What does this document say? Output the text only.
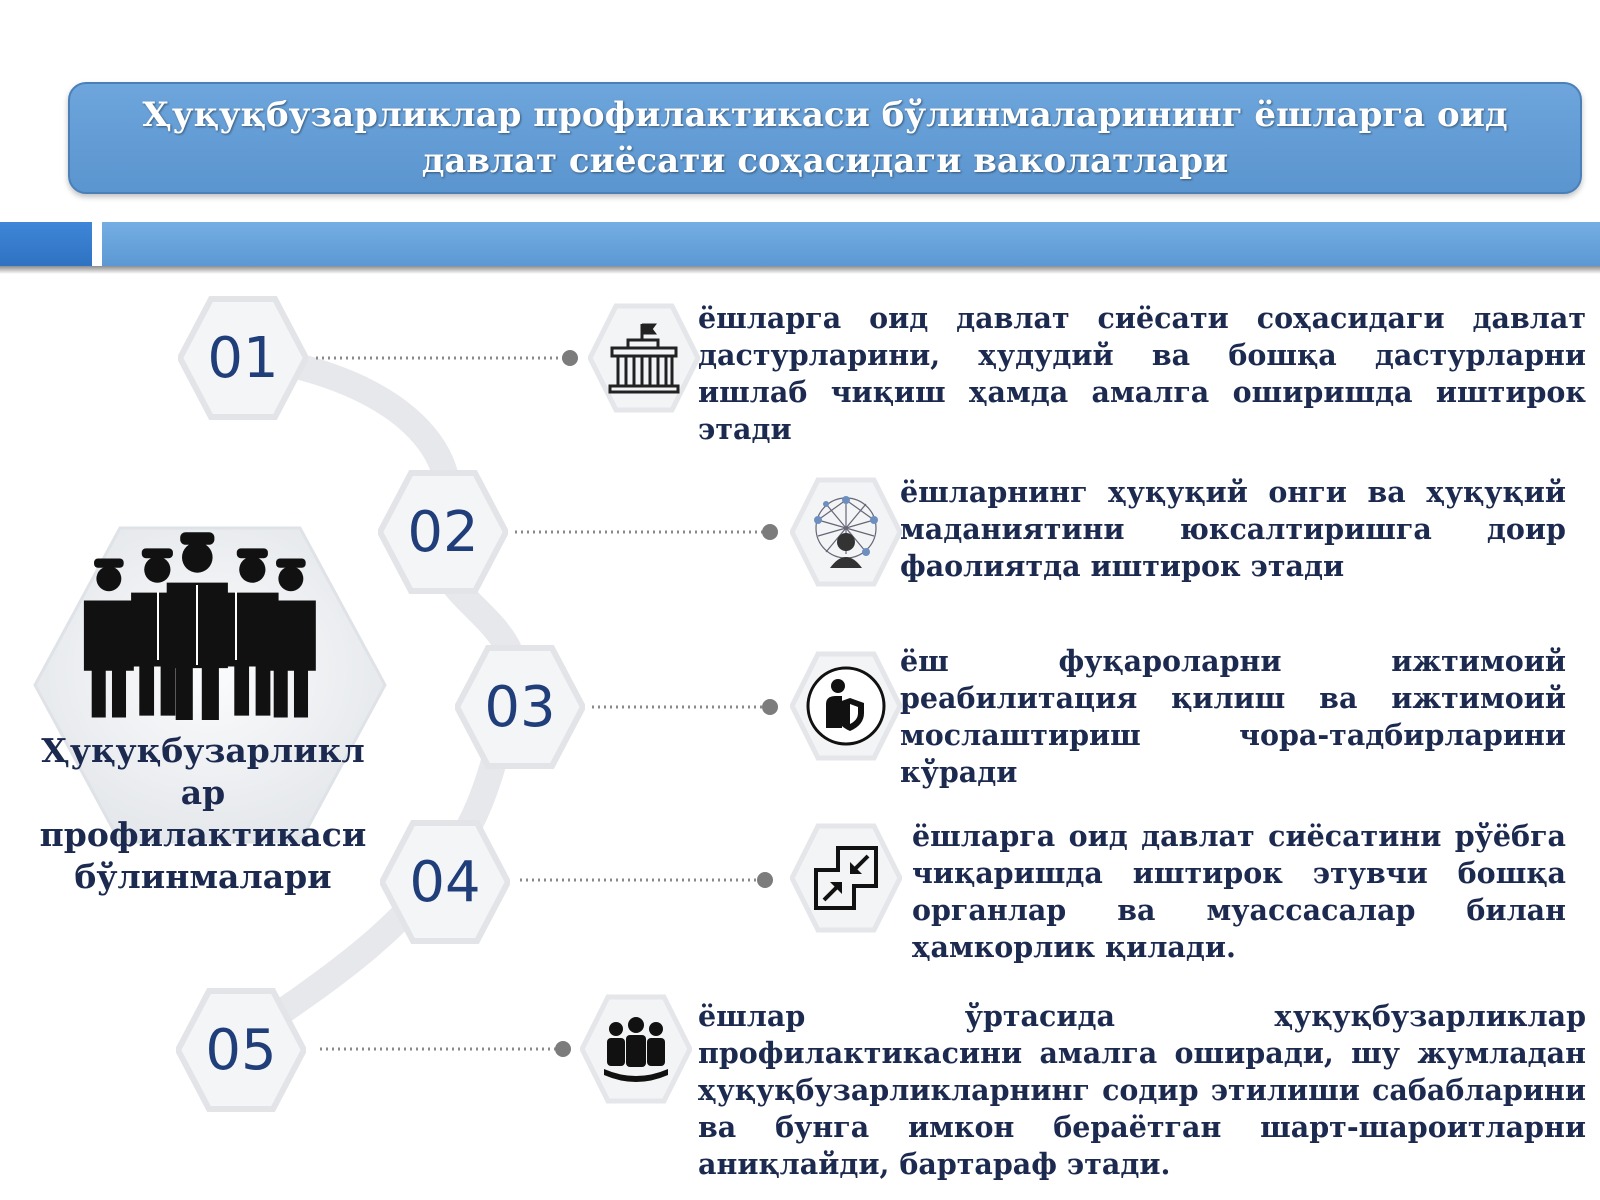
Ҳуқуқбузарликлар профилактикаси бўлинмаларининг ёшларга оид
давлат сиёсати соҳасидаги ваколатлари
Ҳуқуқбузарликл
ар
профилактикаси
бўлинмалари
01
02
03
04
05
ёшларга оид давлат сиёсати соҳасидаги давлат дастурларини, ҳудудий ва бошқа дастурларни ишлаб чиқиш ҳамда амалга оширишда иштирок этади
ёшларнинг ҳуқуқий онги ва ҳуқуқий маданиятини юксалтиришга доир фаолиятда иштирок этади
ёш фуқароларни ижтимоий реабилитация қилиш ва ижтимоий мослаштириш чора-тадбирларини кўради
ёшларга оид давлат сиёсатини рўёбга чиқаришда иштирок этувчи бошқа органлар ва муассасалар билан ҳамкорлик қилади.
ёшлар ўртасида ҳуқуқбузарликлар профилактикасини амалга оширади, шу жумладан ҳуқуқбузарликларнинг содир этилиши сабабларини ва бунга имкон бераётган шарт-шароитларни аниқлайди, бартараф этади.
